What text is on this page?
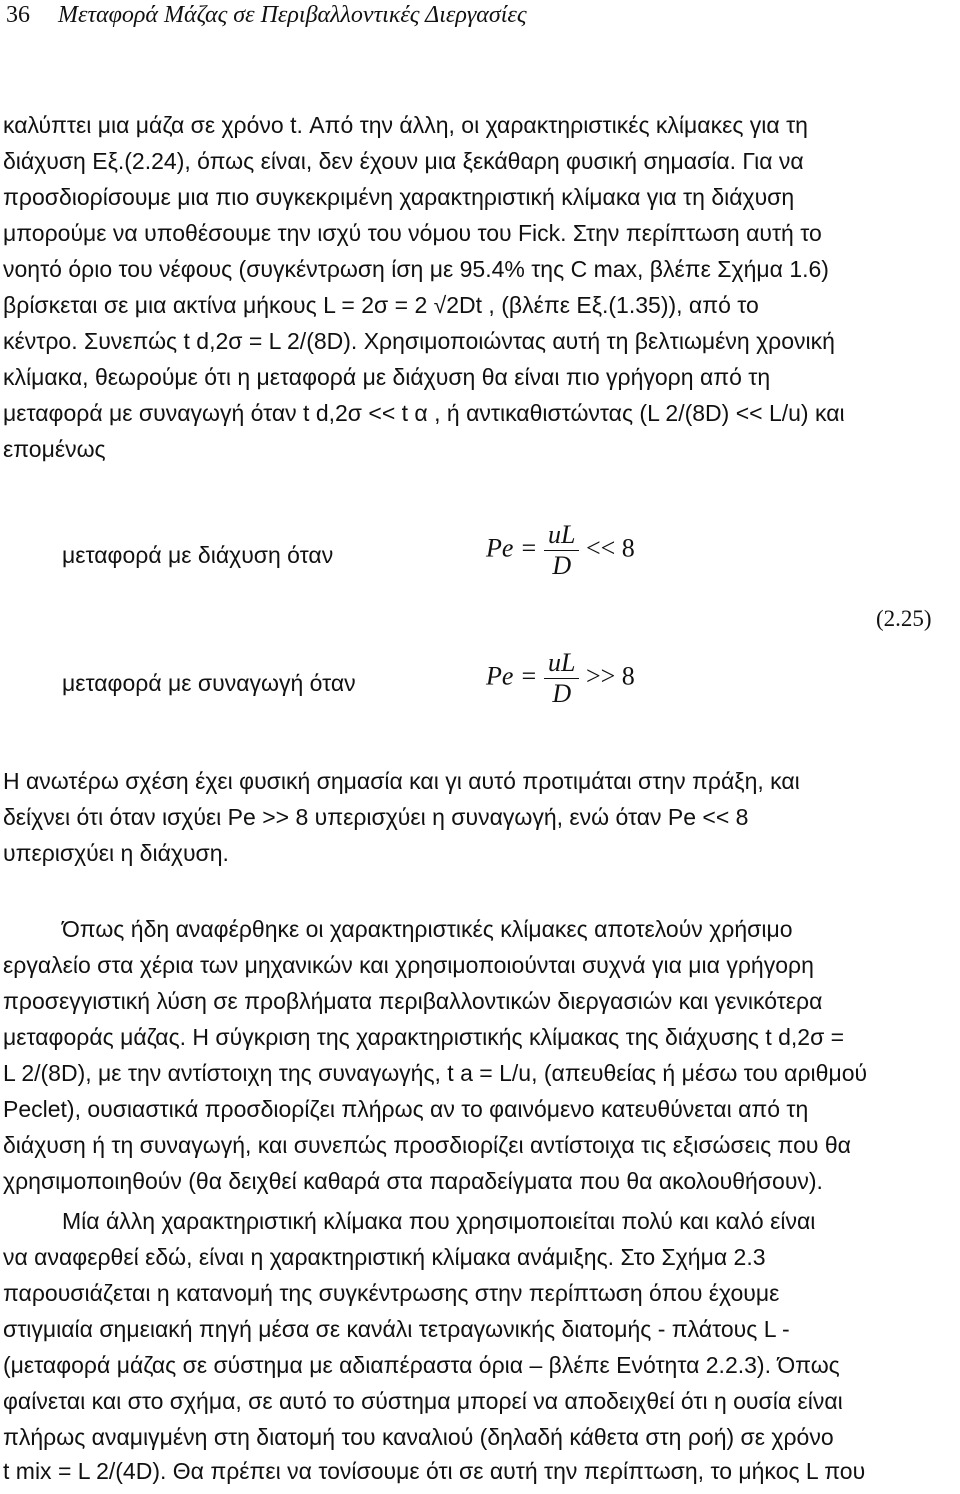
36 Μεταφορά Μάζας σε Περιβαλλοντικές Διεργασίες
καλύπτει μια μάζα σε χρόνο t. Από την άλλη, οι χαρακτηριστικές κλίμακες για τη
διάχυση Εξ.(2.24), όπως είναι, δεν έχουν μια ξεκάθαρη φυσική σημασία. Για να
προσδιορίσουμε μια πιο συγκεκριμένη χαρακτηριστική κλίμακα για τη διάχυση
μπορούμε να υποθέσουμε την ισχύ του νόμου του Fick. Στην περίπτωση αυτή το
νοητό όριο του νέφους (συγκέντρωση ίση με 95.4% της C max, βλέπε Σχήμα 1.6)
βρίσκεται σε μια ακτίνα μήκους L = 2σ = 2 √2Dt , (βλέπε Εξ.(1.35)), από το
κέντρο. Συνεπώς t d,2σ = L 2/(8D). Χρησιμοποιώντας αυτή τη βελτιωμένη χρονική
κλίμακα, θεωρούμε ότι η μεταφορά με διάχυση θα είναι πιο γρήγορη από τη
μεταφορά με συναγωγή όταν t d,2σ << t α , ή αντικαθιστώντας (L 2/(8D) << L/u) και
επομένως
μεταφορά με διάχυση όταν	$Pe = \frac{uL}{D} << 8$
(2.25)
μεταφορά με συναγωγή όταν	$Pe = \frac{uL}{D} >> 8$
Η ανωτέρω σχέση έχει φυσική σημασία και γι αυτό προτιμάται στην πράξη, και
δείχνει ότι όταν ισχύει Pe >> 8 υπερισχύει η συναγωγή, ενώ όταν Pe << 8
υπερισχύει η διάχυση.
Όπως ήδη αναφέρθηκε οι χαρακτηριστικές κλίμακες αποτελούν χρήσιμο
εργαλείο στα χέρια των μηχανικών και χρησιμοποιούνται συχνά για μια γρήγορη
προσεγγιστική λύση σε προβλήματα περιβαλλοντικών διεργασιών και γενικότερα
μεταφοράς μάζας. Η σύγκριση της χαρακτηριστικής κλίμακας της διάχυσης t d,2σ =
L 2/(8D), με την αντίστοιχη της συναγωγής, t a = L/u, (απευθείας ή μέσω του αριθμού
Peclet), ουσιαστικά προσδιορίζει πλήρως αν το φαινόμενο κατευθύνεται από τη
διάχυση ή τη συναγωγή, και συνεπώς προσδιορίζει αντίστοιχα τις εξισώσεις που θα
χρησιμοποιηθούν (θα δειχθεί καθαρά στα παραδείγματα που θα ακολουθήσουν).
Μία άλλη χαρακτηριστική κλίμακα που χρησιμοποιείται πολύ και καλό είναι
να αναφερθεί εδώ, είναι η χαρακτηριστική κλίμακα ανάμιξης. Στο Σχήμα 2.3
παρουσιάζεται η κατανομή της συγκέντρωσης στην περίπτωση όπου έχουμε
στιγμιαία σημειακή πηγή μέσα σε κανάλι τετραγωνικής διατομής - πλάτους L -
(μεταφορά μάζας σε σύστημα με αδιαπέραστα όρια – βλέπε Ενότητα 2.2.3). Όπως
φαίνεται και στο σχήμα, σε αυτό το σύστημα μπορεί να αποδειχθεί ότι η ουσία είναι
πλήρως αναμιγμένη στη διατομή του καναλιού (δηλαδή κάθετα στη ροή) σε χρόνο
t mix = L 2/(4D). Θα πρέπει να τονίσουμε ότι σε αυτή την περίπτωση, το μήκος L που
